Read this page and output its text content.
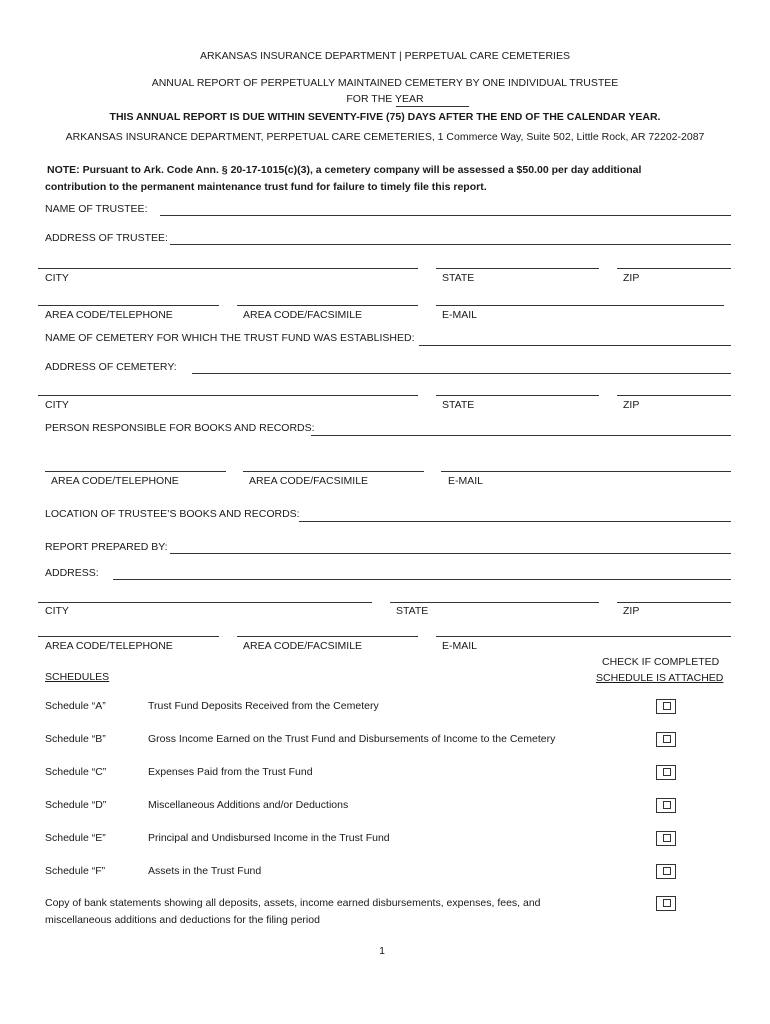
ARKANSAS INSURANCE DEPARTMENT | PERPETUAL CARE CEMETERIES
ANNUAL REPORT OF PERPETUALLY MAINTAINED CEMETERY BY ONE INDIVIDUAL TRUSTEE
FOR THE YEAR
THIS ANNUAL REPORT IS DUE WITHIN SEVENTY-FIVE (75) DAYS AFTER THE END OF THE CALENDAR YEAR.
ARKANSAS INSURANCE DEPARTMENT, PERPETUAL CARE CEMETERIES, 1 Commerce Way, Suite 502, Little Rock, AR 72202-2087
NOTE: Pursuant to Ark. Code Ann. § 20-17-1015(c)(3), a cemetery company will be assessed a $50.00 per day additional
contribution to the permanent maintenance trust fund for failure to timely file this report.
NAME OF TRUSTEE:
ADDRESS OF TRUSTEE:
CITY	STATE	ZIP
AREA CODE/TELEPHONE	AREA CODE/FACSIMILE	E-MAIL
NAME OF CEMETERY FOR WHICH THE TRUST FUND WAS ESTABLISHED:
ADDRESS OF CEMETERY:
CITY	STATE	ZIP
PERSON RESPONSIBLE FOR BOOKS AND RECORDS:
AREA CODE/TELEPHONE	AREA CODE/FACSIMILE	E-MAIL
LOCATION OF TRUSTEE’S BOOKS AND RECORDS:
REPORT PREPARED BY:
ADDRESS:
CITY	STATE	ZIP
AREA CODE/TELEPHONE	AREA CODE/FACSIMILE	E-MAIL
CHECK IF COMPLETED
SCHEDULES	SCHEDULE IS ATTACHED
Schedule “A”	Trust Fund Deposits Received from the Cemetery
Schedule “B”	Gross Income Earned on the Trust Fund and Disbursements of Income to the Cemetery
Schedule “C”	Expenses Paid from the Trust Fund
Schedule “D”	Miscellaneous Additions and/or Deductions
Schedule “E”	Principal and Undisbursed Income in the Trust Fund
Schedule “F”	Assets in the Trust Fund
Copy of bank statements showing all deposits, assets, income earned disbursements, expenses, fees, and
miscellaneous additions and deductions for the filing period
1
